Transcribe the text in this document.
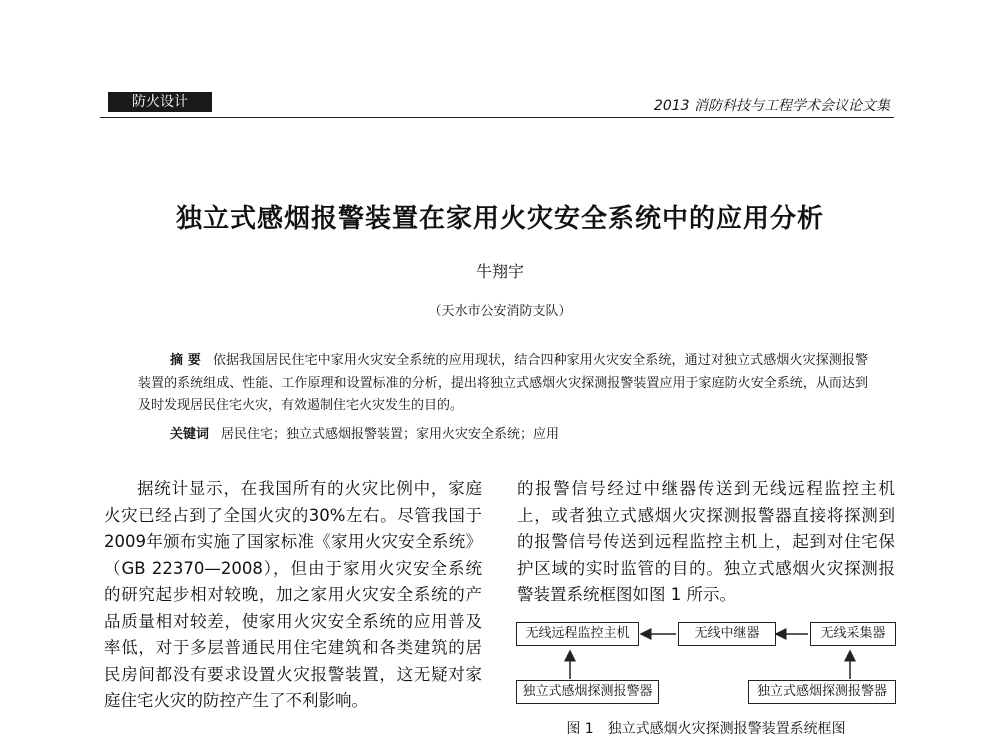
防火设计	2013 消防科技与工程学术会议论文集
独立式感烟报警装置在家用火灾安全系统中的应用分析
牛翔宇
（天水市公安消防支队）
摘 要 依据我国居民住宅中家用火灾安全系统的应用现状，结合四种家用火灾安全系统，通过对独立式感烟火灾探测报警装置的系统组成、性能、工作原理和设置标准的分析，提出将独立式感烟火灾探测报警装置应用于家庭防火安全系统，从而达到及时发现居民住宅火灾，有效遏制住宅火灾发生的目的。
关键词 居民住宅；独立式感烟报警装置；家用火灾安全系统；应用
据统计显示，在我国所有的火灾比例中，家庭火灾已经占到了全国火灾的30%左右。尽管我国于2009年颁布实施了国家标准《家用火灾安全系统》（GB 22370—2008），但由于家用火灾安全系统的研究起步相对较晚，加之家用火灾安全系统的产品质量相对较差，使家用火灾安全系统的应用普及率低，对于多层普通民用住宅建筑和各类建筑的居民房间都没有要求设置火灾报警装置，这无疑对家庭住宅火灾的防控产生了不利影响。
的报警信号经过中继器传送到无线远程监控主机上，或者独立式感烟火灾探测报警器直接将探测到的报警信号传送到远程监控主机上，起到对住宅保护区域的实时监管的目的。独立式感烟火灾探测报警装置系统框图如图 1 所示。
无线远程监控主机	无线中继器	无线采集器
独立式感烟探测报警器	独立式感烟探测报警器
图 1　独立式感烟火灾探测报警装置系统框图
